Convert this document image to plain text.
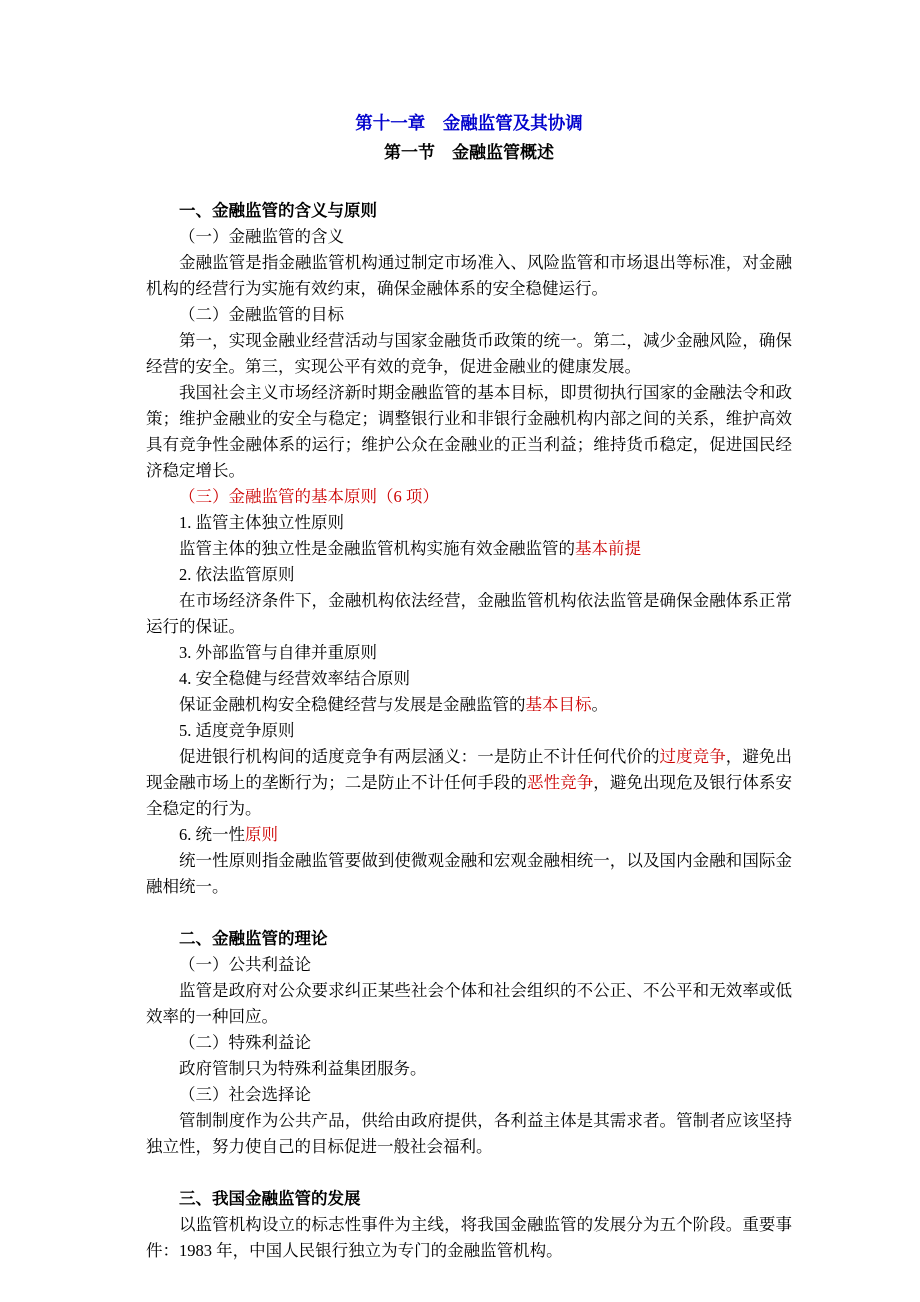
第十一章　金融监管及其协调

第一节　金融监管概述

一、金融监管的含义与原则

（一）金融监管的含义

金融监管是指金融监管机构通过制定市场准入、风险监管和市场退出等标准，对金融机构的经营行为实施有效约束，确保金融体系的安全稳健运行。

（二）金融监管的目标

第一，实现金融业经营活动与国家金融货币政策的统一。第二，减少金融风险，确保经营的安全。第三，实现公平有效的竞争，促进金融业的健康发展。

我国社会主义市场经济新时期金融监管的基本目标，即贯彻执行国家的金融法令和政策；维护金融业的安全与稳定；调整银行业和非银行金融机构内部之间的关系，维护高效具有竞争性金融体系的运行；维护公众在金融业的正当利益；维持货币稳定，促进国民经济稳定增长。

（三）金融监管的基本原则（6 项）

1. 监管主体独立性原则

监管主体的独立性是金融监管机构实施有效金融监管的基本前提

2. 依法监管原则

在市场经济条件下，金融机构依法经营，金融监管机构依法监管是确保金融体系正常运行的保证。

3. 外部监管与自律并重原则

4. 安全稳健与经营效率结合原则

保证金融机构安全稳健经营与发展是金融监管的基本目标。

5. 适度竞争原则

促进银行机构间的适度竞争有两层涵义：一是防止不计任何代价的过度竞争，避免出现金融市场上的垄断行为；二是防止不计任何手段的恶性竞争，避免出现危及银行体系安全稳定的行为。

6. 统一性原则

统一性原则指金融监管要做到使微观金融和宏观金融相统一，以及国内金融和国际金融相统一。

二、金融监管的理论

（一）公共利益论

监管是政府对公众要求纠正某些社会个体和社会组织的不公正、不公平和无效率或低效率的一种回应。

（二）特殊利益论

政府管制只为特殊利益集团服务。

（三）社会选择论

管制制度作为公共产品，供给由政府提供，各利益主体是其需求者。管制者应该坚持独立性，努力使自己的目标促进一般社会福利。

三、我国金融监管的发展

以监管机构设立的标志性事件为主线，将我国金融监管的发展分为五个阶段。重要事件：1983 年，中国人民银行独立为专门的金融监管机构。
